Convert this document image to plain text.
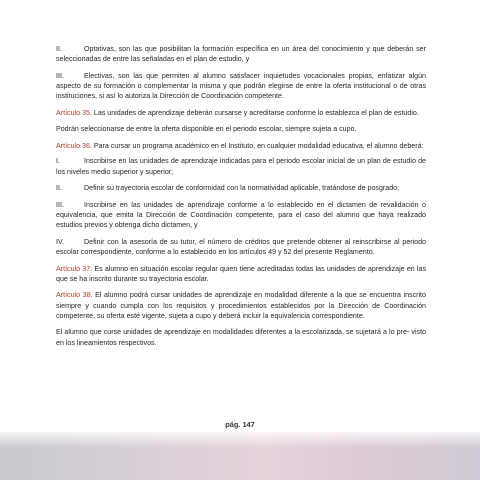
II.	Optativas, son las que posibilitan la formación específica en un área del conocimiento y que deberán ser seleccionadas de entre las señaladas en el plan de estudio, y

III.	Electivas, son las que permiten al alumno satisfacer inquietudes vocacionales propias, enfatizar algún aspecto de su formación o complementar la misma y que podrán elegirse de entre la oferta institucional o de otras instituciones, si así lo autoriza la Dirección de Coordinación competente.

Artículo 35. Las unidades de aprendizaje deberán cursarse y acreditarse conforme lo establezca el plan de estudio.

Podrán seleccionarse de entre la oferta disponible en el periodo escolar, siempre sujeta a cupo.

Artículo 36. Para cursar un programa académico en el Instituto, en cualquier modalidad educativa, el alumno deberá:

I.	Inscribirse en las unidades de aprendizaje indicadas para el periodo escolar inicial de un plan de estudio de los niveles medio superior y superior;

II.	Definir su trayectoria escolar de conformidad con la normatividad aplicable, tratándose de posgrado;

III.	Inscribirse en las unidades de aprendizaje conforme a lo establecido en el dictamen de revalidación o equivalencia, que emita la Dirección de Coordinación competente, para el caso del alumno que haya realizado estudios previos y obtenga dicho dictamen, y

IV.	Definir con la asesoría de su tutor, el número de créditos que pretende obtener al reinscribirse al periodo escolar correspondiente, conforme a lo establecido en los artículos 49 y 52 del presente Reglamento.

Artículo 37. Es alumno en situación escolar regular quien tiene acreditadas todas las unidades de aprendizaje en las que se ha inscrito durante su trayectoria escolar.

Artículo 38. El alumno podrá cursar unidades de aprendizaje en modalidad diferente a la que se encuentra inscrito siempre y cuando cumpla con los requisitos y procedimientos establecidos por la Dirección de Coordinación competente, su oferta esté vigente, sujeta a cupo y deberá incluir la equivalencia correspondiente.

El alumno que curse unidades de aprendizaje en modalidades diferentes a la escolarizada, se sujetará a lo pre- visto en los lineamientos respectivos.

pág. 147
